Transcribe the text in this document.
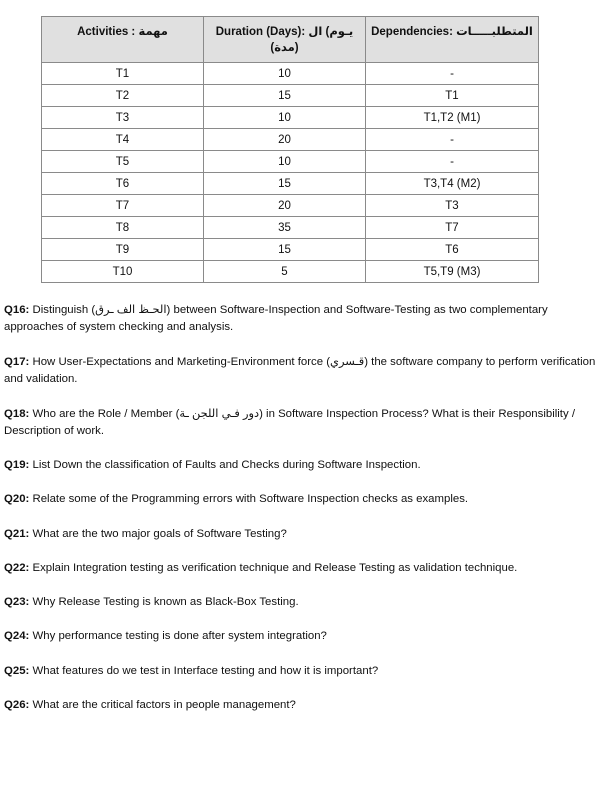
Activities : مهمة	Duration (Days): يـوم) ال (مدة)	Dependencies: المتطلبـــــات
T1	10	-
T2	15	T1
T3	10	T1,T2 (M1)
T4	20	-
T5	10	-
T6	15	T3,T4 (M2)
T7	20	T3
T8	35	T7
T9	15	T6
T10	5	T5,T9 (M3)

Q16: Distinguish (الحـظ الف ـرق) between Software-Inspection and Software-Testing as two complementary approaches of system checking and analysis.

Q17: How User-Expectations and Marketing-Environment force (قـسري) the software company to perform verification and validation.

Q18: Who are the Role / Member (دور فـي اللجن ـة) in Software Inspection Process? What is their Responsibility / Description of work.

Q19: List Down the classification of Faults and Checks during Software Inspection.

Q20: Relate some of the Programming errors with Software Inspection checks as examples.

Q21: What are the two major goals of Software Testing?

Q22: Explain Integration testing as verification technique and Release Testing as validation technique.

Q23: Why Release Testing is known as Black-Box Testing.

Q24: Why performance testing is done after system integration?

Q25: What features do we test in Interface testing and how it is important?

Q26: What are the critical factors in people management?
